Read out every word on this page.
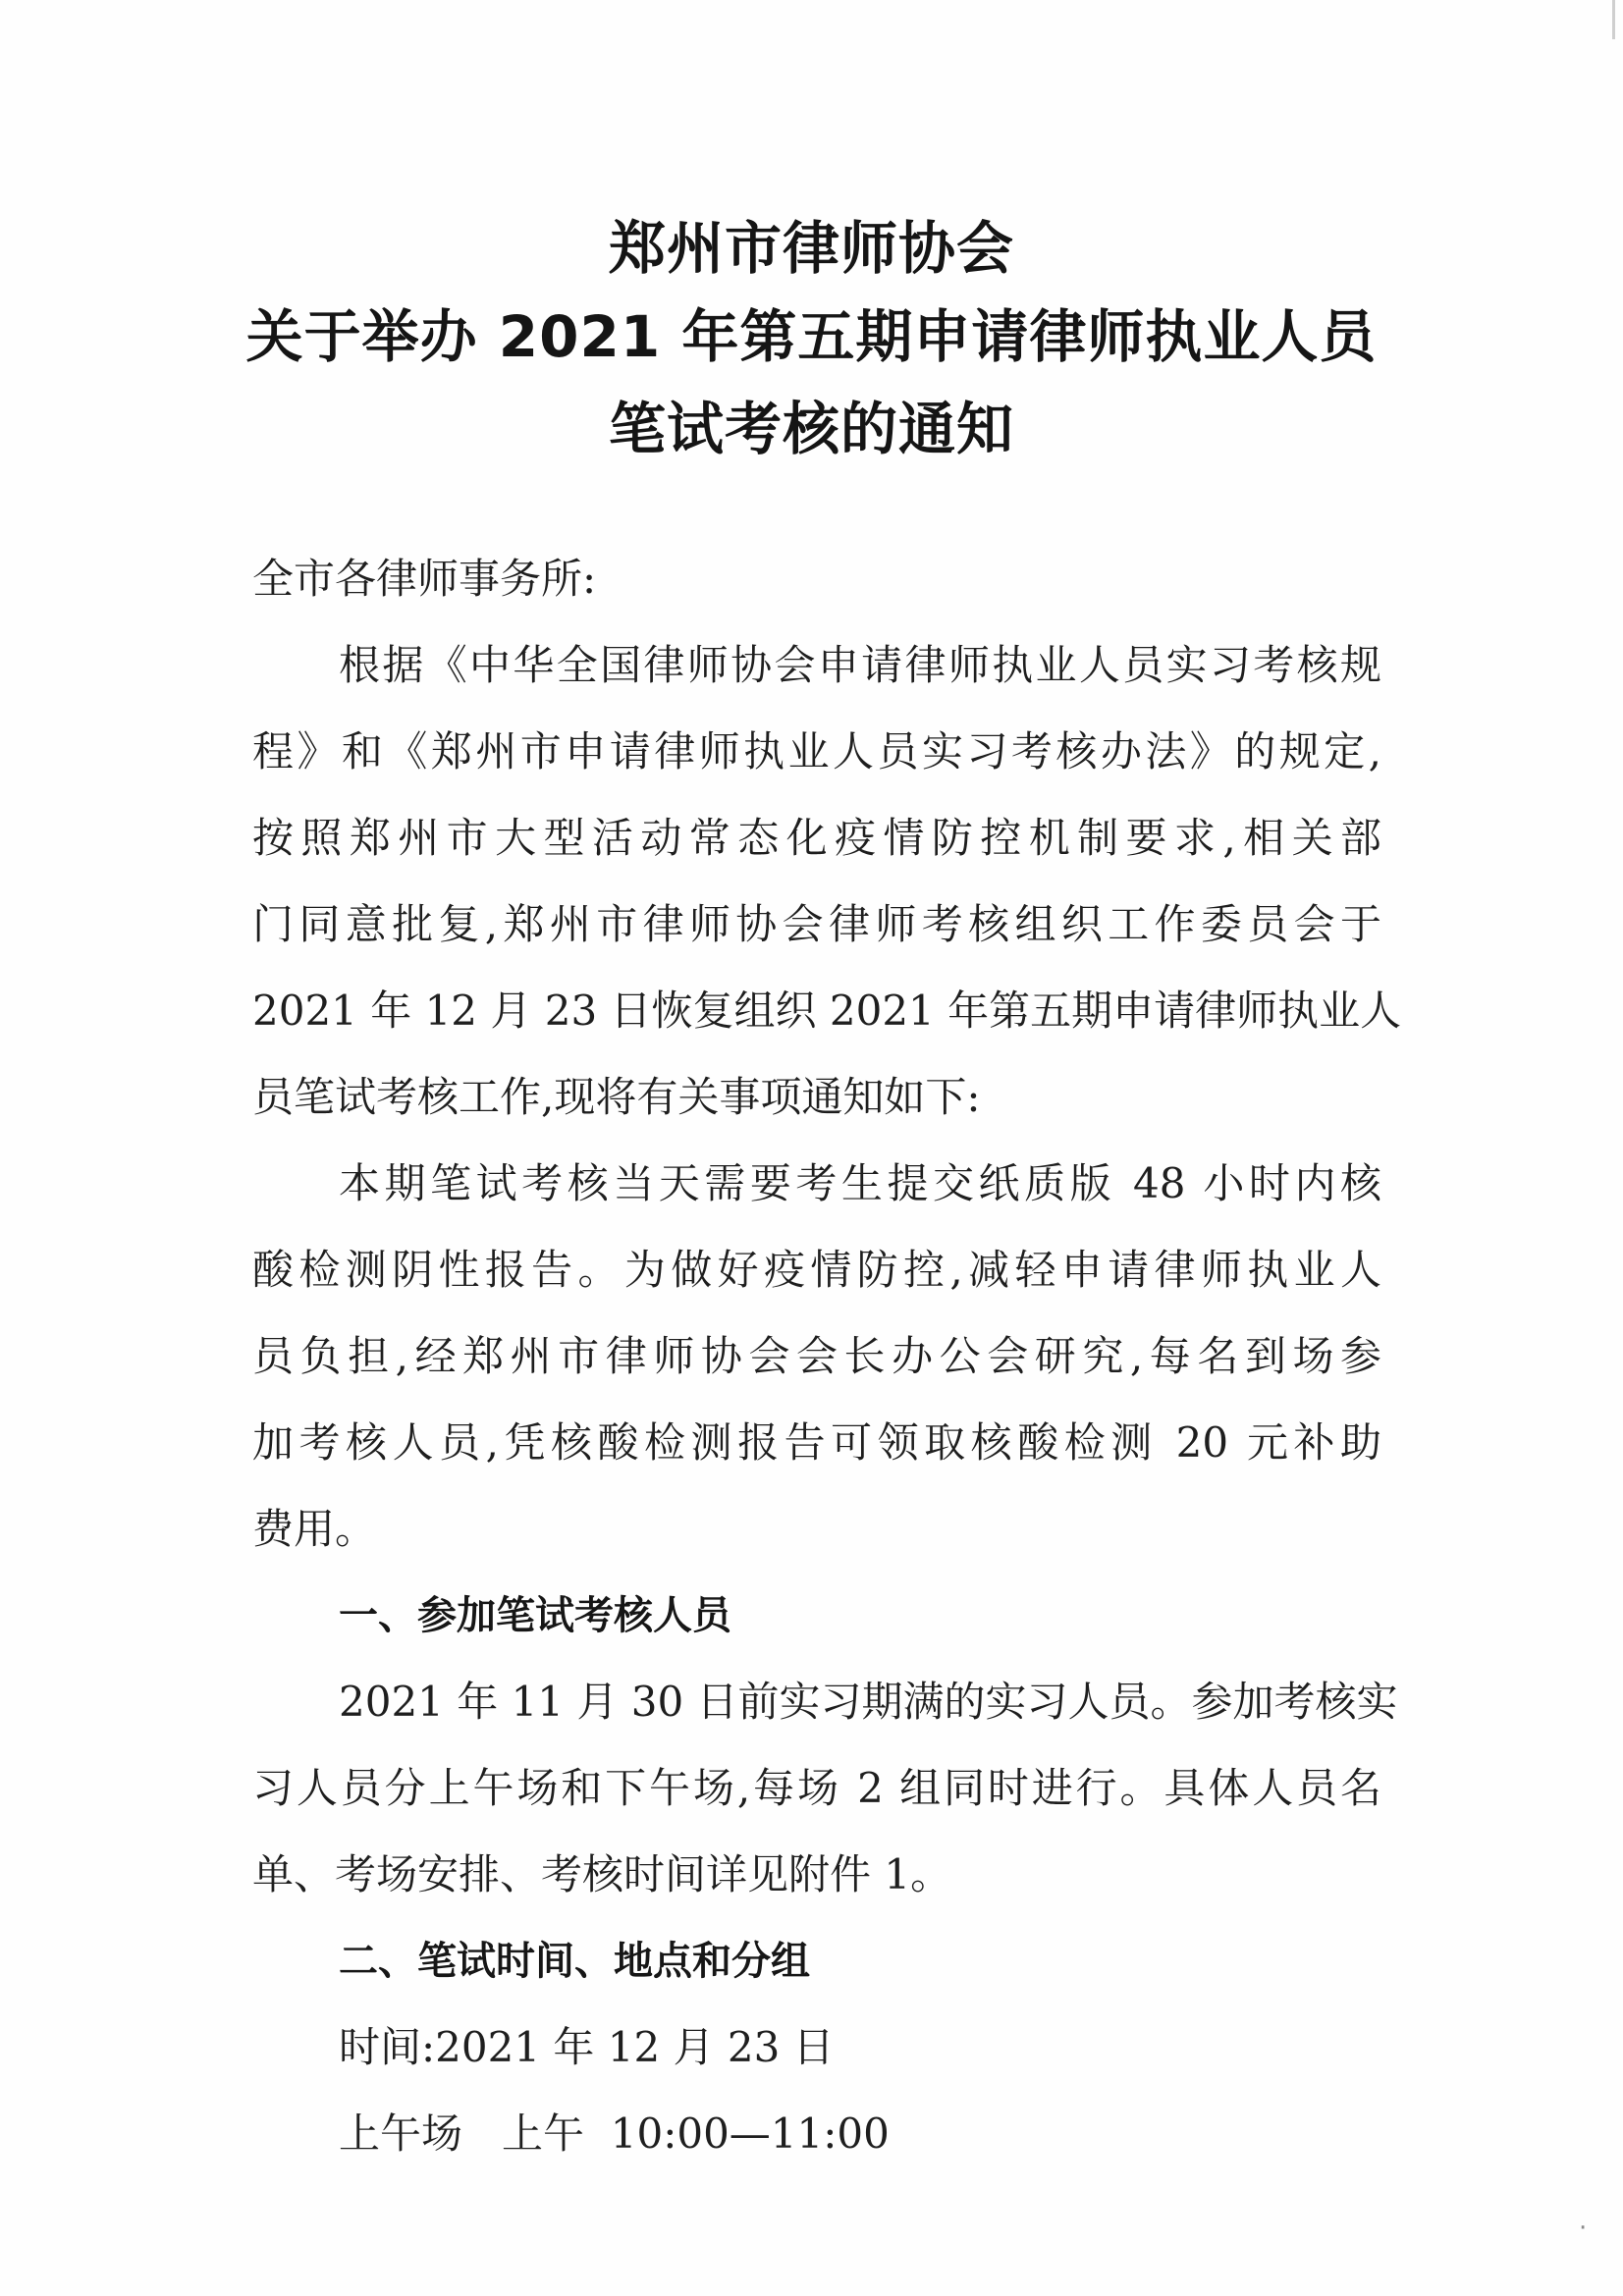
郑州市律师协会
关于举办 2021 年第五期申请律师执业人员
笔试考核的通知
全市各律师事务所:
根据《中华全国律师协会申请律师执业人员实习考核规
程》和《郑州市申请律师执业人员实习考核办法》的规定,
按照郑州市大型活动常态化疫情防控机制要求,相关部
门同意批复,郑州市律师协会律师考核组织工作委员会于
2021 年 12 月 23 日恢复组织 2021 年第五期申请律师执业人
员笔试考核工作,现将有关事项通知如下:
本期笔试考核当天需要考生提交纸质版 48 小时内核
酸检测阴性报告。为做好疫情防控,减轻申请律师执业人
员负担,经郑州市律师协会会长办公会研究,每名到场参
加考核人员,凭核酸检测报告可领取核酸检测 20 元补助
费用。
一、参加笔试考核人员
2021 年 11 月 30 日前实习期满的实习人员。参加考核实
习人员分上午场和下午场,每场 2 组同时进行。具体人员名
单、考场安排、考核时间详见附件 1。
二、笔试时间、地点和分组
时间:2021 年 12 月 23 日
上午场   上午  10:00—11:00
·
